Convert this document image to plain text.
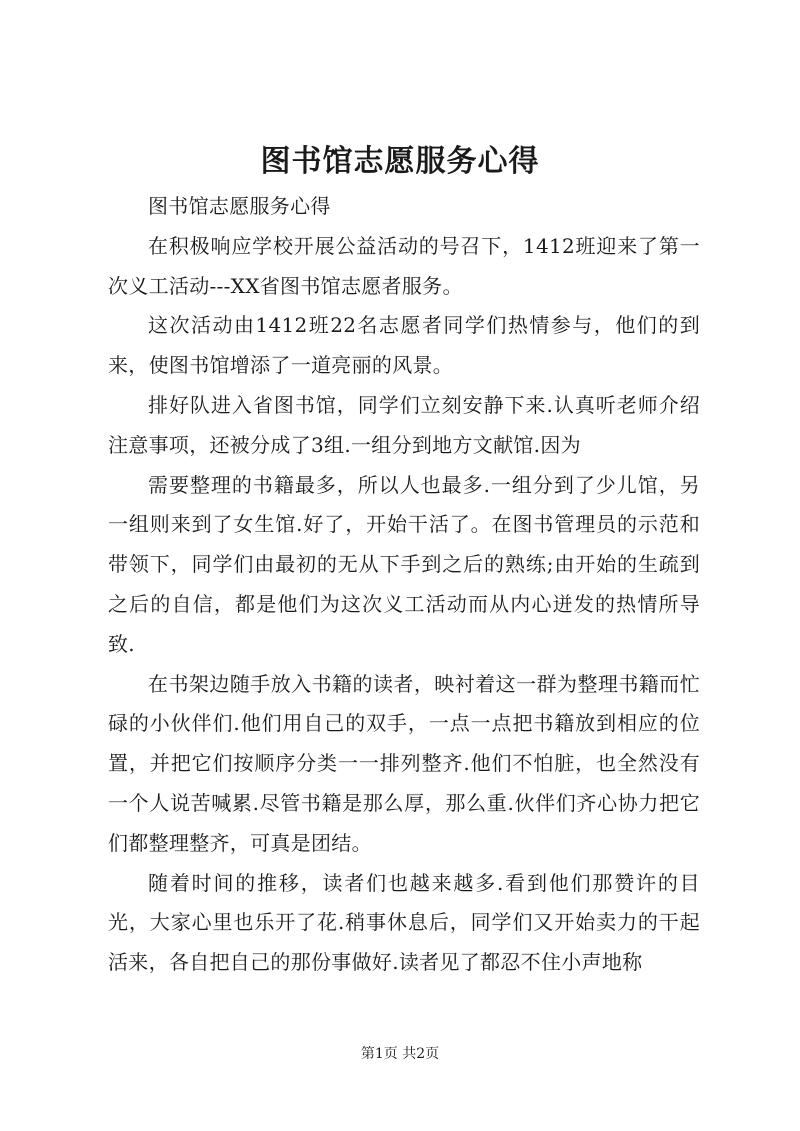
图书馆志愿服务心得

图书馆志愿服务心得

在积极响应学校开展公益活动的号召下，1412班迎来了第一次义工活动---XX省图书馆志愿者服务。

这次活动由1412班22名志愿者同学们热情参与，他们的到来，使图书馆增添了一道亮丽的风景。

排好队进入省图书馆，同学们立刻安静下来.认真听老师介绍注意事项，还被分成了3组.一组分到地方文献馆.因为

需要整理的书籍最多，所以人也最多.一组分到了少儿馆，另一组则来到了女生馆.好了，开始干活了。在图书管理员的示范和带领下，同学们由最初的无从下手到之后的熟练;由开始的生疏到之后的自信，都是他们为这次义工活动而从内心迸发的热情所导致.

在书架边随手放入书籍的读者，映衬着这一群为整理书籍而忙碌的小伙伴们.他们用自己的双手，一点一点把书籍放到相应的位置，并把它们按顺序分类一一排列整齐.他们不怕脏，也全然没有一个人说苦喊累.尽管书籍是那么厚，那么重.伙伴们齐心协力把它们都整理整齐，可真是团结。

随着时间的推移，读者们也越来越多.看到他们那赞许的目光，大家心里也乐开了花.稍事休息后，同学们又开始卖力的干起活来，各自把自己的那份事做好.读者见了都忍不住小声地称

第1页 共2页
